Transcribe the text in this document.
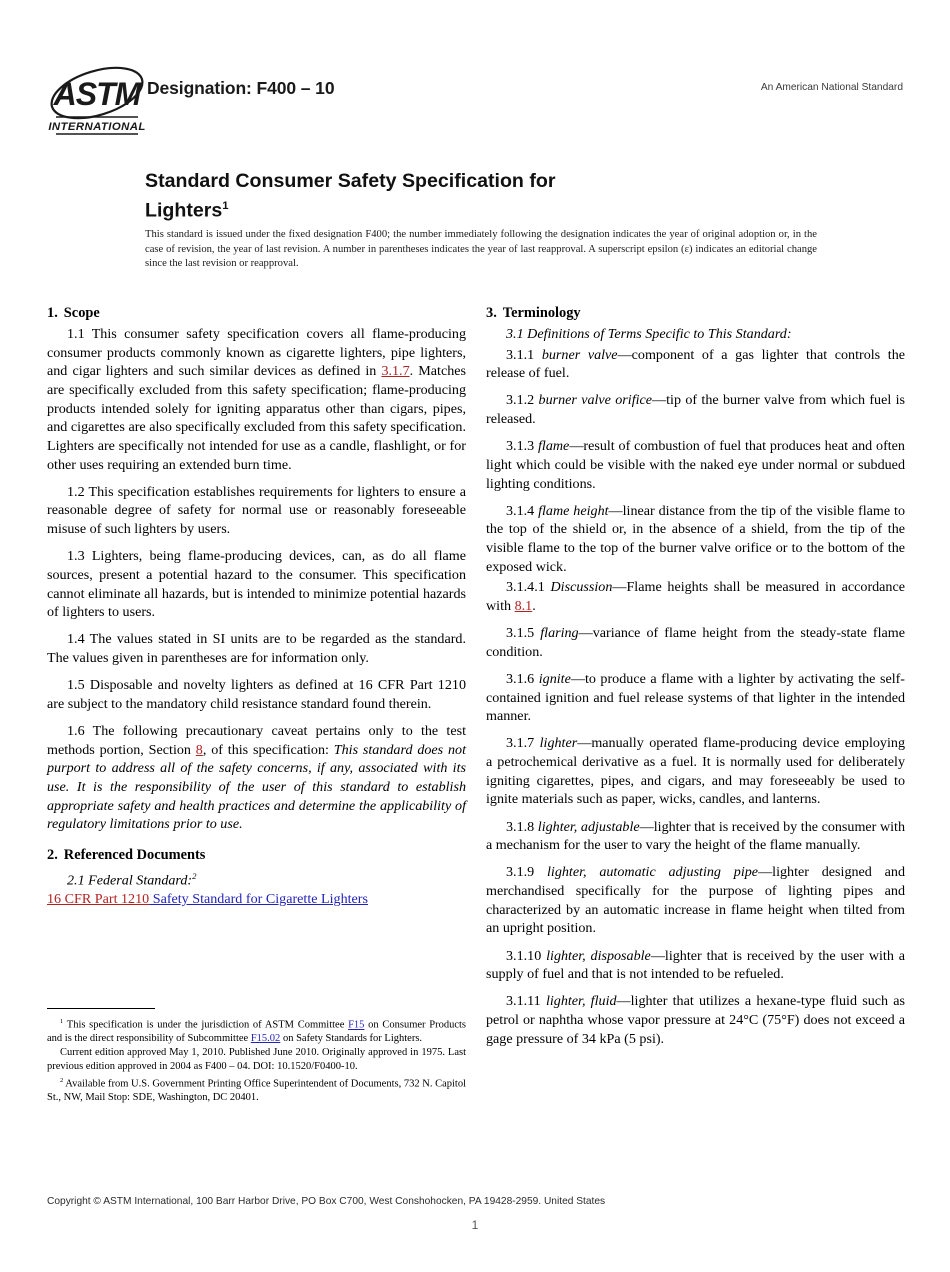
ASTM
INTERNATIONAL
Designation: F400 – 10	An American National Standard
Standard Consumer Safety Specification for
Lighters$^1$
This standard is issued under the fixed designation F400; the number immediately following the designation indicates the year of original adoption or, in the case of revision, the year of last revision. A number in parentheses indicates the year of last reapproval. A superscript epsilon (ε) indicates an editorial change since the last revision or reapproval.
1. Scope

1.1 This consumer safety specification covers all flame-producing consumer products commonly known as cigarette lighters, pipe lighters, and cigar lighters and such similar devices as defined in 3.1.7. Matches are specifically excluded from this safety specification; flame-producing products intended solely for igniting apparatus other than cigars, pipes, and cigarettes are also specifically excluded from this safety specification. Lighters are specifically not intended for use as a candle, flashlight, or for other uses requiring an extended burn time.

1.2 This specification establishes requirements for lighters to ensure a reasonable degree of safety for normal use or reasonably foreseeable misuse of such lighters by users.

1.3 Lighters, being flame-producing devices, can, as do all flame sources, present a potential hazard to the consumer. This specification cannot eliminate all hazards, but is intended to minimize potential hazards of lighters to users.

1.4 The values stated in SI units are to be regarded as the standard. The values given in parentheses are for information only.

1.5 Disposable and novelty lighters as defined at 16 CFR Part 1210 are subject to the mandatory child resistance standard found therein.

1.6 The following precautionary caveat pertains only to the test methods portion, Section 8, of this specification: This standard does not purport to address all of the safety concerns, if any, associated with its use. It is the responsibility of the user of this standard to establish appropriate safety and health practices and determine the applicability of regulatory limitations prior to use.

2. Referenced Documents

2.1 Federal Standard:$^2$

16 CFR Part 1210 Safety Standard for Cigarette Lighters

3. Terminology

3.1 Definitions of Terms Specific to This Standard:

3.1.1 burner valve—component of a gas lighter that controls the release of fuel.

3.1.2 burner valve orifice—tip of the burner valve from which fuel is released.

3.1.3 flame—result of combustion of fuel that produces heat and often light which could be visible with the naked eye under normal or subdued lighting conditions.

3.1.4 flame height—linear distance from the tip of the visible flame to the top of the shield or, in the absence of a shield, from the tip of the visible flame to the top of the burner valve orifice or to the bottom of the exposed wick.

3.1.4.1 Discussion—Flame heights shall be measured in accordance with 8.1.

3.1.5 flaring—variance of flame height from the steady-state flame condition.

3.1.6 ignite—to produce a flame with a lighter by activating the self-contained ignition and fuel release systems of that lighter in the intended manner.

3.1.7 lighter—manually operated flame-producing device employing a petrochemical derivative as a fuel. It is normally used for deliberately igniting cigarettes, pipes, and cigars, and may foreseeably be used to ignite materials such as paper, wicks, candles, and lanterns.

3.1.8 lighter, adjustable—lighter that is received by the consumer with a mechanism for the user to vary the height of the flame manually.

3.1.9 lighter, automatic adjusting pipe—lighter designed and merchandised specifically for the purpose of lighting pipes and characterized by an automatic increase in flame height when tilted from an upright position.

3.1.10 lighter, disposable—lighter that is received by the user with a supply of fuel and that is not intended to be refueled.

3.1.11 lighter, fluid—lighter that utilizes a hexane-type fluid such as petrol or naphtha whose vapor pressure at 24°C (75°F) does not exceed a gage pressure of 34 kPa (5 psi).

$^1$ This specification is under the jurisdiction of ASTM Committee F15 on Consumer Products and is the direct responsibility of Subcommittee F15.02 on Safety Standards for Lighters.

Current edition approved May 1, 2010. Published June 2010. Originally approved in 1975. Last previous edition approved in 2004 as F400 – 04. DOI: 10.1520/F0400-10.

$^2$ Available from U.S. Government Printing Office Superintendent of Documents, 732 N. Capitol St., NW, Mail Stop: SDE, Washington, DC 20401.

Copyright © ASTM International, 100 Barr Harbor Drive, PO Box C700, West Conshohocken, PA 19428-2959. United States
1
